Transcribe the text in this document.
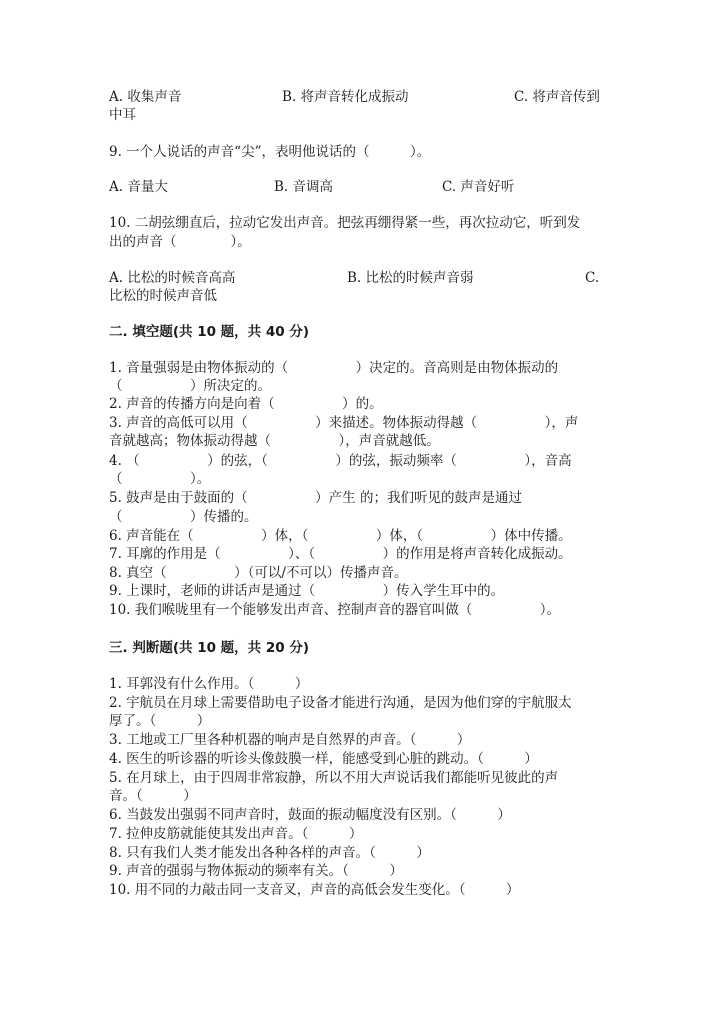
A. 收集声音	B. 将声音转化成振动	C. 将声音传到
中耳
9. 一个人说话的声音“尖”，表明他说话的（　　　）。
A. 音量大	B. 音调高	C. 声音好听
10. 二胡弦绷直后，拉动它发出声音。把弦再绷得紧一些，再次拉动它，听到发
出的声音（　　　　）。
A. 比松的时候音高高	B. 比松的时候声音弱	C.
比松的时候声音低
二. 填空题(共 10 题，共 40 分)
1. 音量强弱是由物体振动的（　　　　　）决定的。音高则是由物体振动的
（　　　　　）所决定的。
2. 声音的传播方向是向着（　　　　　）的。
3. 声音的高低可以用（　　　　　）来描述。物体振动得越（　　　　　），声
音就越高；物体振动得越（　　　　　），声音就越低。
4. （　　　　　）的弦，（　　　　　）的弦，振动频率（　　　　　），音高
（　　　　　）。
5. 鼓声是由于鼓面的（　　　　　）产生 的；我们听见的鼓声是通过
（　　　　　）传播的。
6. 声音能在（　　　　　）体，（　　　　　）体，（　　　　　）体中传播。
7. 耳廓的作用是（　　　　　）、（　　　　　）的作用是将声音转化成振动。
8. 真空（　　　　　）（可以/不可以）传播声音。
9. 上课时，老师的讲话声是通过（　　　　　）传入学生耳中的。
10. 我们喉咙里有一个能够发出声音、控制声音的器官叫做（　　　　　）。
三. 判断题(共 10 题，共 20 分)
1. 耳郭没有什么作用。（　　　）
2. 宇航员在月球上需要借助电子设备才能进行沟通，是因为他们穿的宇航服太
厚了。（　　　）
3. 工地或工厂里各种机器的响声是自然界的声音。（　　　）
4. 医生的听诊器的听诊头像鼓膜一样，能感受到心脏的跳动。（　　　）
5. 在月球上，由于四周非常寂静，所以不用大声说话我们都能听见彼此的声
音。（　　　）
6. 当鼓发出强弱不同声音时，鼓面的振动幅度没有区别。（　　　）
7. 拉伸皮筋就能使其发出声音。（　　　）
8. 只有我们人类才能发出各种各样的声音。（　　　）
9. 声音的强弱与物体振动的频率有关。（　　　）
10. 用不同的力敲击同一支音叉，声音的高低会发生变化。（　　　）
